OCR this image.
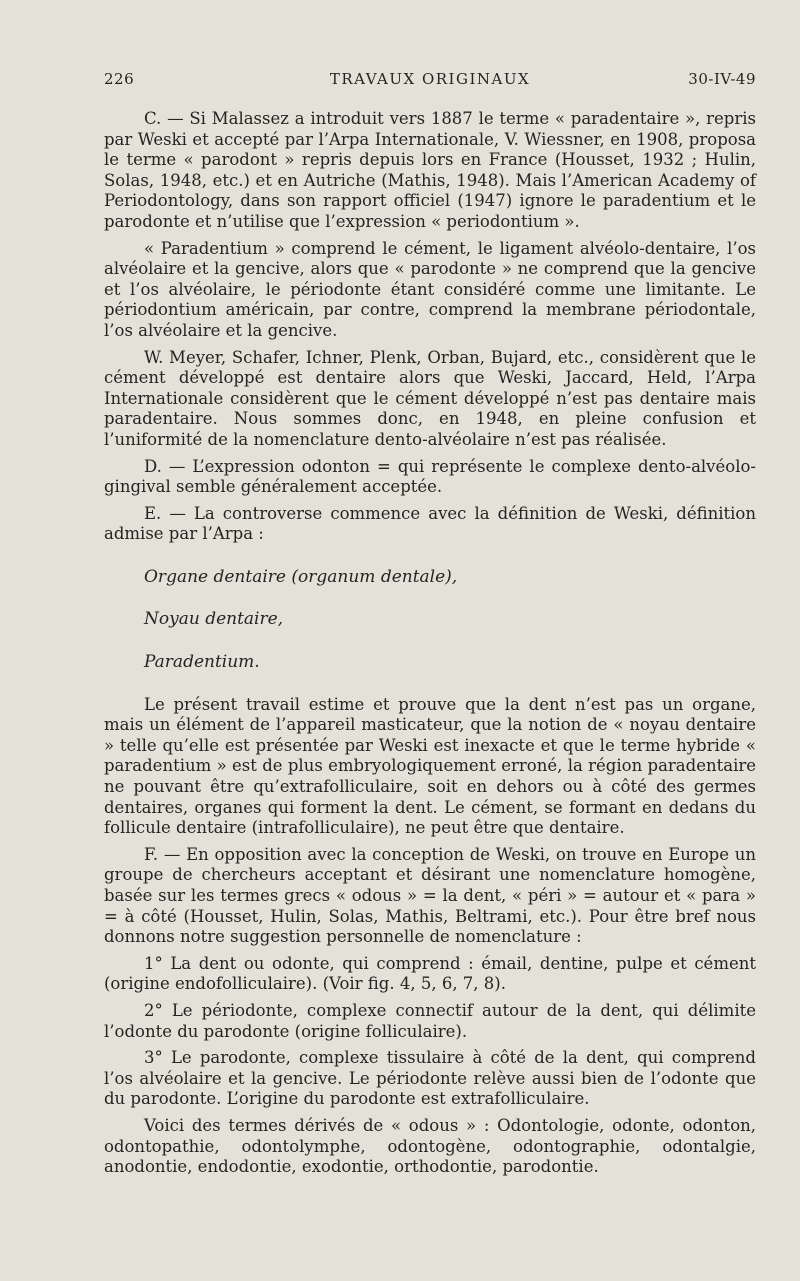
226	TRAVAUX ORIGINAUX	30-IV-49

C. — Si Malassez a introduit vers 1887 le terme « paradentaire », repris par Weski et accepté par l’Arpa Internationale, V. Wiessner, en 1908, proposa le terme « parodont » repris depuis lors en France (Housset, 1932 ; Hulin, Solas, 1948, etc.) et en Autriche (Mathis, 1948). Mais l’American Academy of Periodontology, dans son rapport officiel (1947) ignore le paradentium et le parodonte et n’utilise que l’expression « periodontium ».

« Paradentium » comprend le cément, le ligament alvéolo-dentaire, l’os alvéolaire et la gencive, alors que « parodonte » ne comprend que la gencive et l’os alvéolaire, le périodonte étant considéré comme une limitante. Le périodontium américain, par contre, comprend la membrane périodontale, l’os alvéolaire et la gencive.

W. Meyer, Schafer, Ichner, Plenk, Orban, Bujard, etc., considèrent que le cément développé est dentaire alors que Weski, Jaccard, Held, l’Arpa Internationale considèrent que le cément développé n’est pas dentaire mais paradentaire. Nous sommes donc, en 1948, en pleine confusion et l’uniformité de la nomenclature dento-alvéolaire n’est pas réalisée.

D. — L’expression odonton = qui représente le complexe dento-alvéolo-gingival semble généralement acceptée.

E. — La controverse commence avec la définition de Weski, définition admise par l’Arpa :

Organe dentaire (organum dentale),
Noyau dentaire,
Paradentium.

Le présent travail estime et prouve que la dent n’est pas un organe, mais un élément de l’appareil masticateur, que la notion de « noyau dentaire » telle qu’elle est présentée par Weski est inexacte et que le terme hybride « paradentium » est de plus embryologiquement erroné, la région paradentaire ne pouvant être qu’extrafolliculaire, soit en dehors ou à côté des germes dentaires, organes qui forment la dent. Le cément, se formant en dedans du follicule dentaire (intrafolliculaire), ne peut être que dentaire.

F. — En opposition avec la conception de Weski, on trouve en Europe un groupe de chercheurs acceptant et désirant une nomenclature homogène, basée sur les termes grecs « odous » = la dent, « péri » = autour et « para » = à côté (Housset, Hulin, Solas, Mathis, Beltrami, etc.). Pour être bref nous donnons notre suggestion personnelle de nomenclature :

1° La dent ou odonte, qui comprend : émail, dentine, pulpe et cément (origine endofolliculaire). (Voir fig. 4, 5, 6, 7, 8).

2° Le périodonte, complexe connectif autour de la dent, qui délimite l’odonte du parodonte (origine folliculaire).

3° Le parodonte, complexe tissulaire à côté de la dent, qui comprend l’os alvéolaire et la gencive. Le périodonte relève aussi bien de l’odonte que du parodonte. L’origine du parodonte est extrafolliculaire.

Voici des termes dérivés de « odous » : Odontologie, odonte, odonton, odontopathie, odontolymphe, odontogène, odontographie, odontalgie, anodontie, endodontie, exodontie, orthodontie, parodontie.
